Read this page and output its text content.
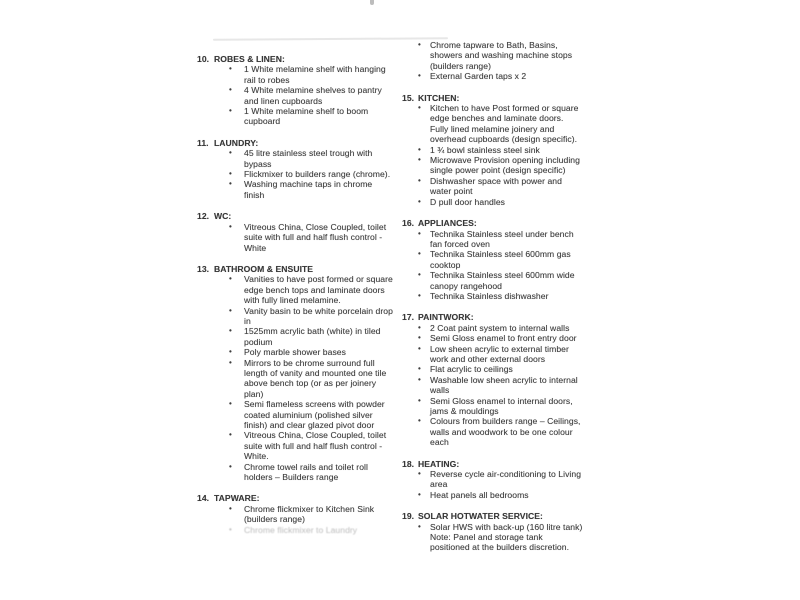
10. ROBES & LINEN:
•	1 White melamine shelf with hanging rail to robes
•	4 White melamine shelves to pantry and linen cupboards
•	1 White melamine shelf to boom cupboard
11. LAUNDRY:
•	45 litre stainless steel trough with bypass
•	Flickmixer to builders range (chrome).
•	Washing machine taps in chrome finish
12. WC:
•	Vitreous China, Close Coupled, toilet suite with full and half flush control - White
13. BATHROOM & ENSUITE
•	Vanities to have post formed or square edge bench tops and laminate doors with fully lined melamine.
•	Vanity basin to be white porcelain drop in
•	1525mm acrylic bath (white) in tiled podium
•	Poly marble shower bases
•	Mirrors to be chrome surround full length of vanity and mounted one tile above bench top (or as per joinery plan)
•	Semi flameless screens with powder coated aluminium (polished silver finish) and clear glazed pivot door
•	Vitreous China, Close Coupled, toilet suite with full and half flush control - White.
•	Chrome towel rails and toilet roll holders – Builders range
14. TAPWARE:
•	Chrome flickmixer to Kitchen Sink (builders range)
•	Chrome flickmixer to Laundry
•	Chrome tapware to Bath, Basins, showers and washing machine stops (builders range)
•	External Garden taps x 2
15. KITCHEN:
•	Kitchen to have Post formed or square edge benches and laminate doors. Fully lined melamine joinery and overhead cupboards (design specific).
•	1 ¾ bowl stainless steel sink
•	Microwave Provision opening including single power point (design specific)
•	Dishwasher space with power and water point
•	D pull door handles
16. APPLIANCES:
•	Technika Stainless steel under bench fan forced oven
•	Technika Stainless steel 600mm gas cooktop
•	Technika Stainless steel 600mm wide canopy rangehood
•	Technika Stainless dishwasher
17. PAINTWORK:
•	2 Coat paint system to internal walls
•	Semi Gloss enamel to front entry door
•	Low sheen acrylic to external timber work and other external doors
•	Flat acrylic to ceilings
•	Washable low sheen acrylic to internal walls
•	Semi Gloss enamel to internal doors, jams & mouldings
•	Colours from builders range – Ceilings, walls and woodwork to be one colour each
18. HEATING:
•	Reverse cycle air-conditioning to Living area
•	Heat panels all bedrooms
19. SOLAR HOTWATER SERVICE:
•	Solar HWS with back-up (160 litre tank) Note: Panel and storage tank positioned at the builders discretion.
